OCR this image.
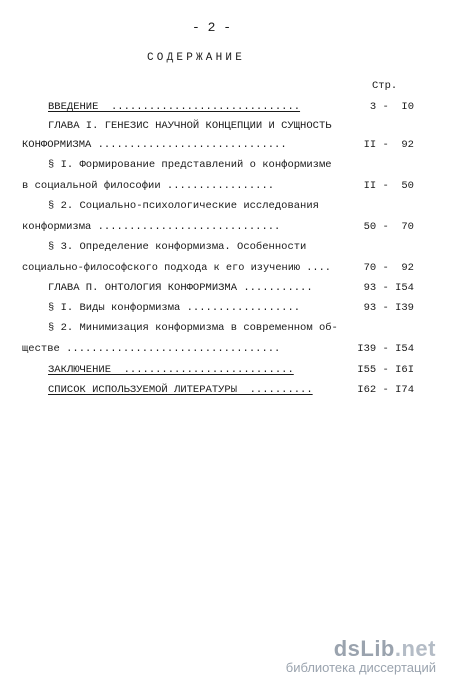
- 2 -
СОДЕРЖАНИЕ
Стр.
ВВЕДЕНИЕ  ..............................	3 -  I0
ГЛАВА I. ГЕНЕЗИС НАУЧНОЙ КОНЦЕПЦИИ И СУЩНОСТЬ
КОНФОРМИЗМА ..............................	II -  92
§ I. Формирование представлений о конформизме
в социальной философии .................	II -  50
§ 2. Социально-психологические исследования
конформизма .............................	50 -  70
§ 3. Определение конформизма. Особенности
социально-философского подхода к его изучению ....	70 -  92
ГЛАВА П. ОНТОЛОГИЯ КОНФОРМИЗМА ...........	93 - I54
§ I. Виды конформизма ..................	93 - I39
§ 2. Минимизация конформизма в современном об-
ществе ..................................	I39 - I54
ЗАКЛЮЧЕНИЕ  ...........................	I55 - I6I
СПИСОК ИСПОЛЬЗУЕМОЙ ЛИТЕРАТУРЫ  ..........	I62 - I74
dsLib.net
библиотека диссертаций
